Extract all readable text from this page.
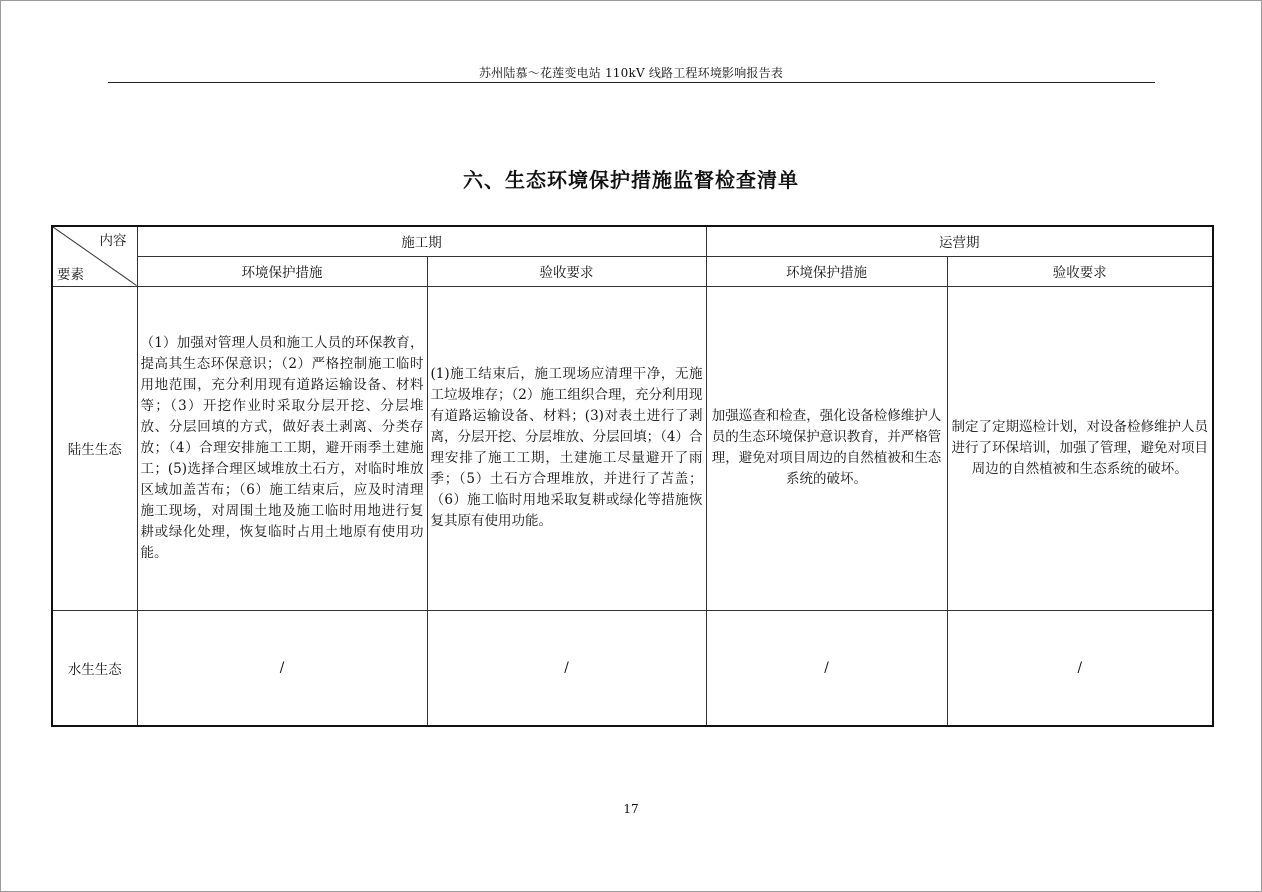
苏州陆慕～花莲变电站 110kV 线路工程环境影响报告表
六、生态环境保护措施监督检查清单
内容
要素	施工期		运营期	
	环境保护措施	验收要求	环境保护措施	验收要求
陆生生态	（1）加强对管理人员和施工人员的环保教育，提高其生态环保意识；（2）严格控制施工临时用地范围，充分利用现有道路运输设备、材料等；（3）开挖作业时采取分层开挖、分层堆放、分层回填的方式，做好表土剥离、分类存放；（4）合理安排施工工期，避开雨季土建施工；(5)选择合理区域堆放土石方，对临时堆放区域加盖苫布；（6）施工结束后，应及时清理施工现场，对周围土地及施工临时用地进行复耕或绿化处理，恢复临时占用土地原有使用功能。	(1)施工结束后，施工现场应清理干净，无施工垃圾堆存；（2）施工组织合理，充分利用现有道路运输设备、材料；(3)对表土进行了剥离，分层开挖、分层堆放、分层回填；（4）合理安排了施工工期，土建施工尽量避开了雨季；（5）土石方合理堆放，并进行了苫盖；（6）施工临时用地采取复耕或绿化等措施恢复其原有使用功能。	加强巡查和检查，强化设备检修维护人员的生态环境保护意识教育，并严格管理，避免对项目周边的自然植被和生态系统的破坏。	制定了定期巡检计划，对设备检修维护人员进行了环保培训，加强了管理，避免对项目周边的自然植被和生态系统的破坏。

水生生态	/	/	/	/
17
